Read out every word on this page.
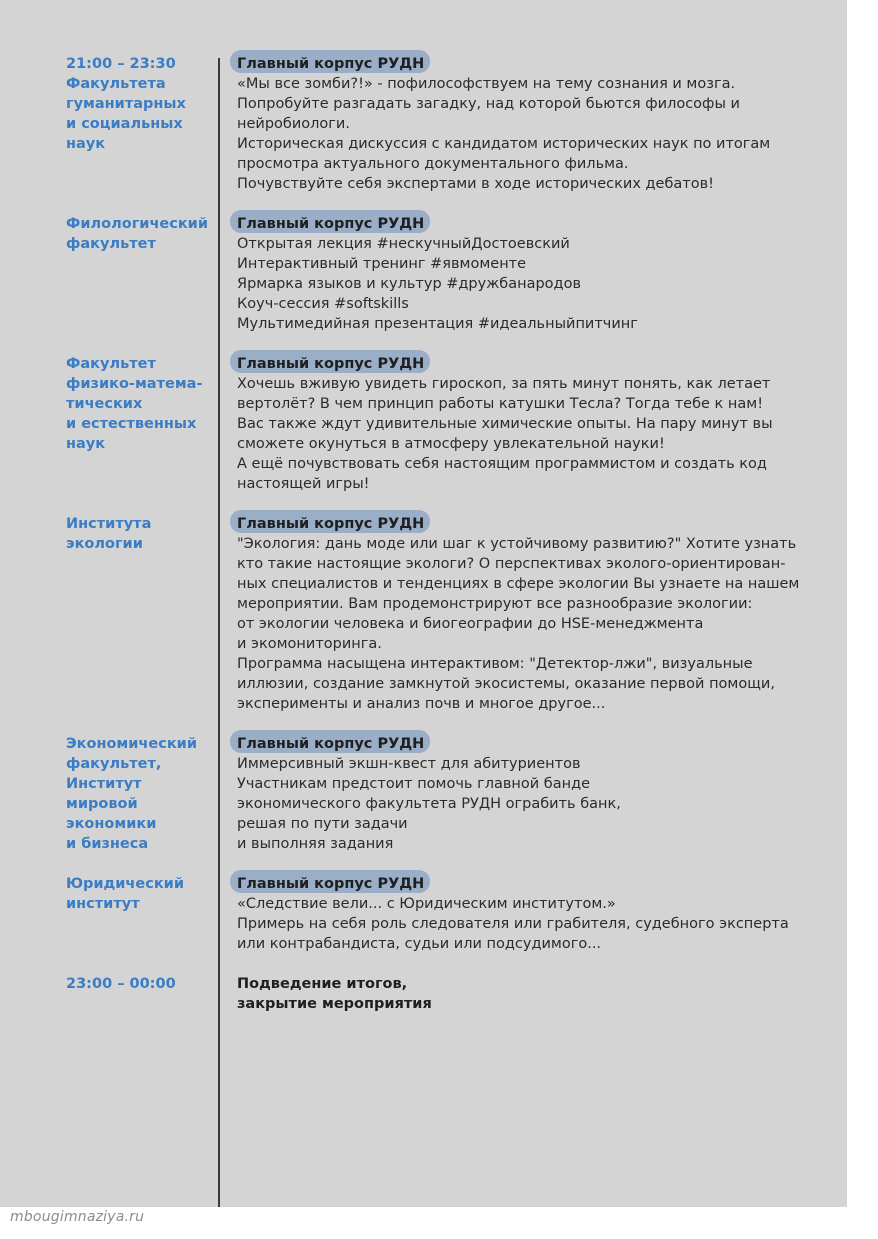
21:00 – 23:30
Факультета
гуманитарных
и социальных
наук
Главный корпус РУДН
«Мы все зомби?!» - пофилософствуем на тему сознания и мозга.
Попробуйте разгадать загадку, над которой бьются философы и
нейробиологи.
Историческая дискуссия с кандидатом исторических наук по итогам
просмотра актуального документального фильма.
Почувствуйте себя экспертами в ходе исторических дебатов!
Филологический
факультет
Главный корпус РУДН
Открытая лекция #нескучныйДостоевский
Интерактивный тренинг #явмоменте
Ярмарка языков и культур #дружбанародов
Коуч-сессия #softskills
Мультимедийная презентация #идеальныйпитчинг
Факультет
физико-матема-
тических
и естественных
наук
Главный корпус РУДН
Хочешь вживую увидеть гироскоп, за пять минут понять, как летает
вертолёт? В чем принцип работы катушки Тесла? Тогда тебе к нам!
Вас также ждут удивительные химические опыты. На пару минут вы
сможете окунуться в атмосферу увлекательной науки!
А ещё почувствовать себя настоящим программистом и создать код
настоящей игры!
Института
экологии
Главный корпус РУДН
"Экология: дань моде или шаг к устойчивому развитию?" Хотите узнать
кто такие настоящие экологи? О перспективах эколого-ориентирован-
ных специалистов и тенденциях в сфере экологии Вы узнаете на нашем
мероприятии. Вам продемонстрируют все разнообразие экологии:
от экологии человека и биогеографии до HSE-менеджмента
и экомониторинга.
Программа насыщена интерактивом: "Детектор-лжи", визуальные
иллюзии, создание замкнутой экосистемы, оказание первой помощи,
эксперименты и анализ почв и многое другое...
Экономический
факультет,
Институт
мировой
экономики
и бизнеса
Главный корпус РУДН
Иммерсивный экшн-квест для абитуриентов
Участникам предстоит помочь главной банде
экономического факультета РУДН ограбить банк,
решая по пути задачи
и выполняя задания
Юридический
институт
Главный корпус РУДН
«Следствие вели... с Юридическим институтом.»
Примерь на себя роль следователя или грабителя, судебного эксперта
или контрабандиста, судьи или подсудимого...
23:00 – 00:00	Подведение итогов,
закрытие мероприятия
mbougimnaziya.ru
